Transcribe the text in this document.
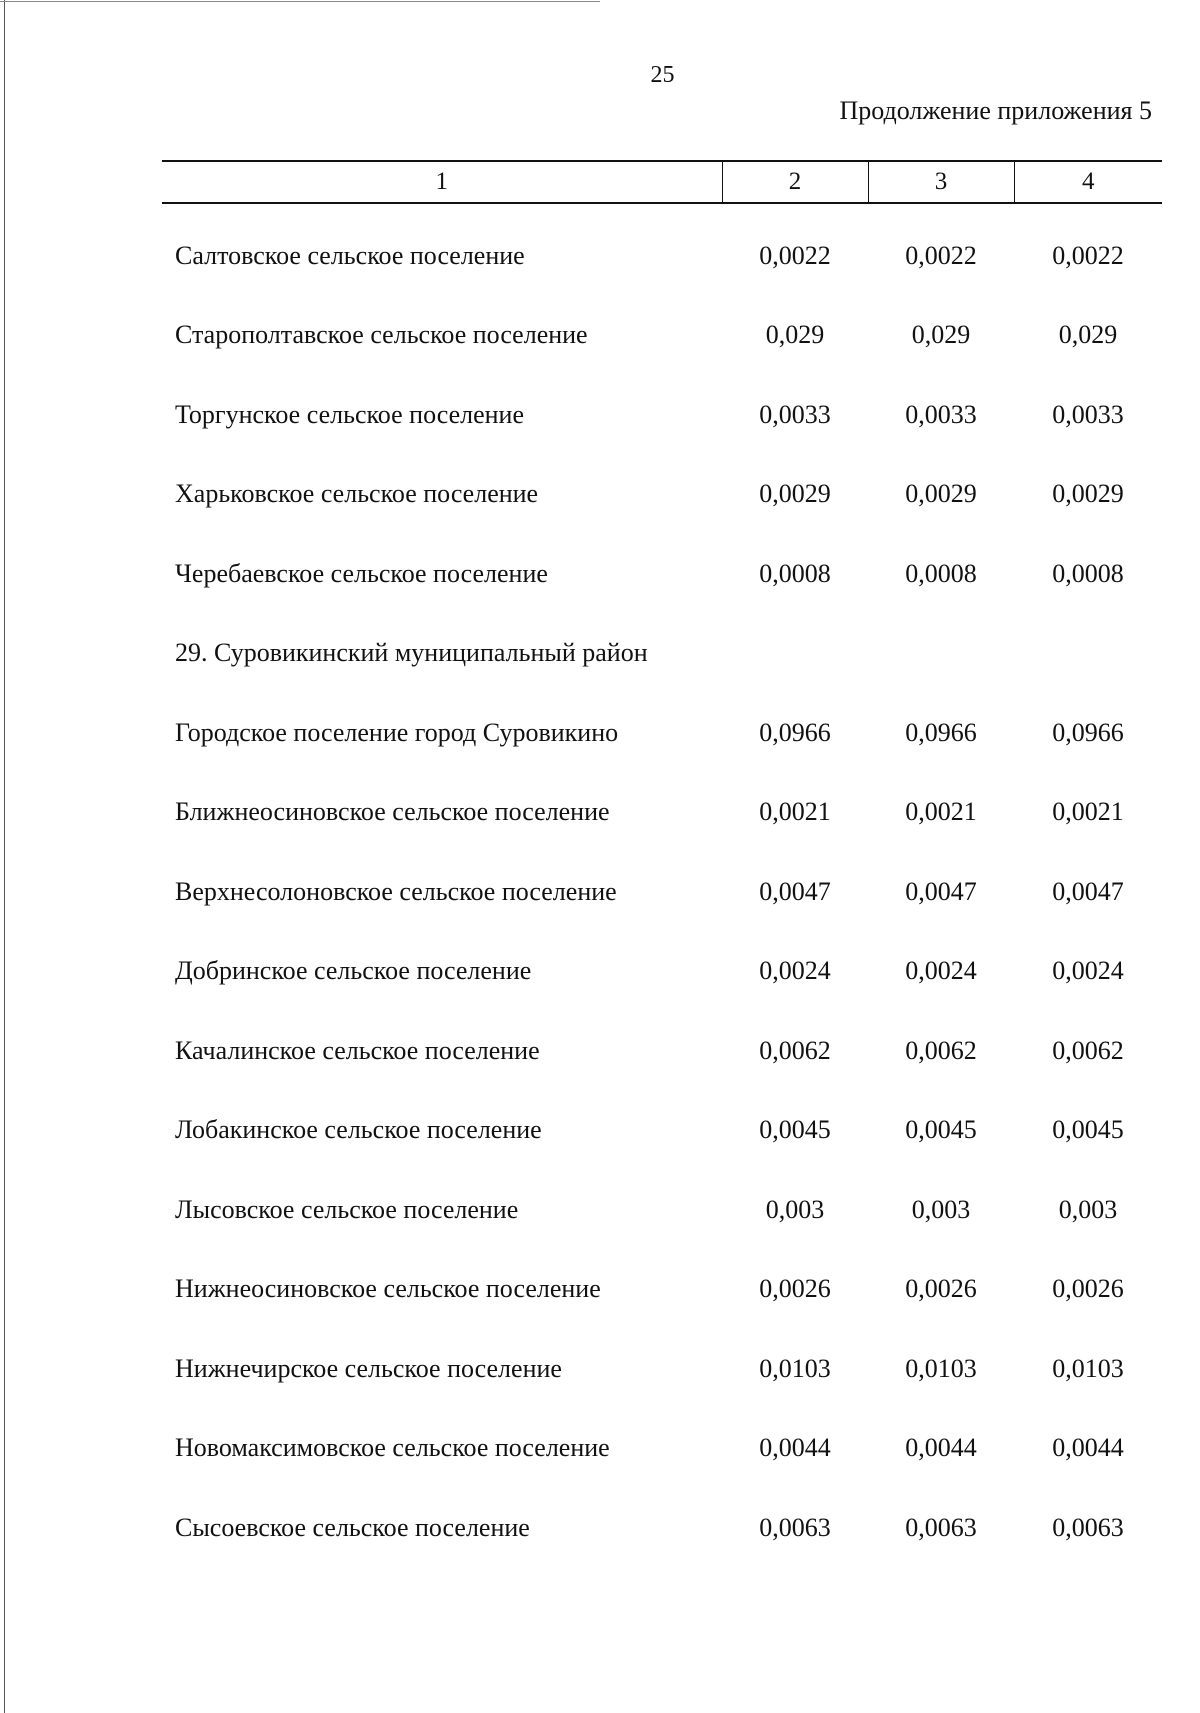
25
Продолжение приложения 5
1	2	3	4
Салтовское сельское поселение	0,0022	0,0022	0,0022
Старополтавское сельское поселение	0,029	0,029	0,029
Торгунское сельское поселение	0,0033	0,0033	0,0033
Харьковское сельское поселение	0,0029	0,0029	0,0029
Черебаевское сельское поселение	0,0008	0,0008	0,0008
29. Суровикинский муниципальный район			
Городское поселение город Суровикино	0,0966	0,0966	0,0966
Ближнеосиновское сельское поселение	0,0021	0,0021	0,0021
Верхнесолоновское сельское поселение	0,0047	0,0047	0,0047
Добринское сельское поселение	0,0024	0,0024	0,0024
Качалинское сельское поселение	0,0062	0,0062	0,0062
Лобакинское сельское поселение	0,0045	0,0045	0,0045
Лысовское сельское поселение	0,003	0,003	0,003
Нижнеосиновское сельское поселение	0,0026	0,0026	0,0026
Нижнечирское сельское поселение	0,0103	0,0103	0,0103
Новомаксимовское сельское поселение	0,0044	0,0044	0,0044
Сысоевское сельское поселение	0,0063	0,0063	0,0063
